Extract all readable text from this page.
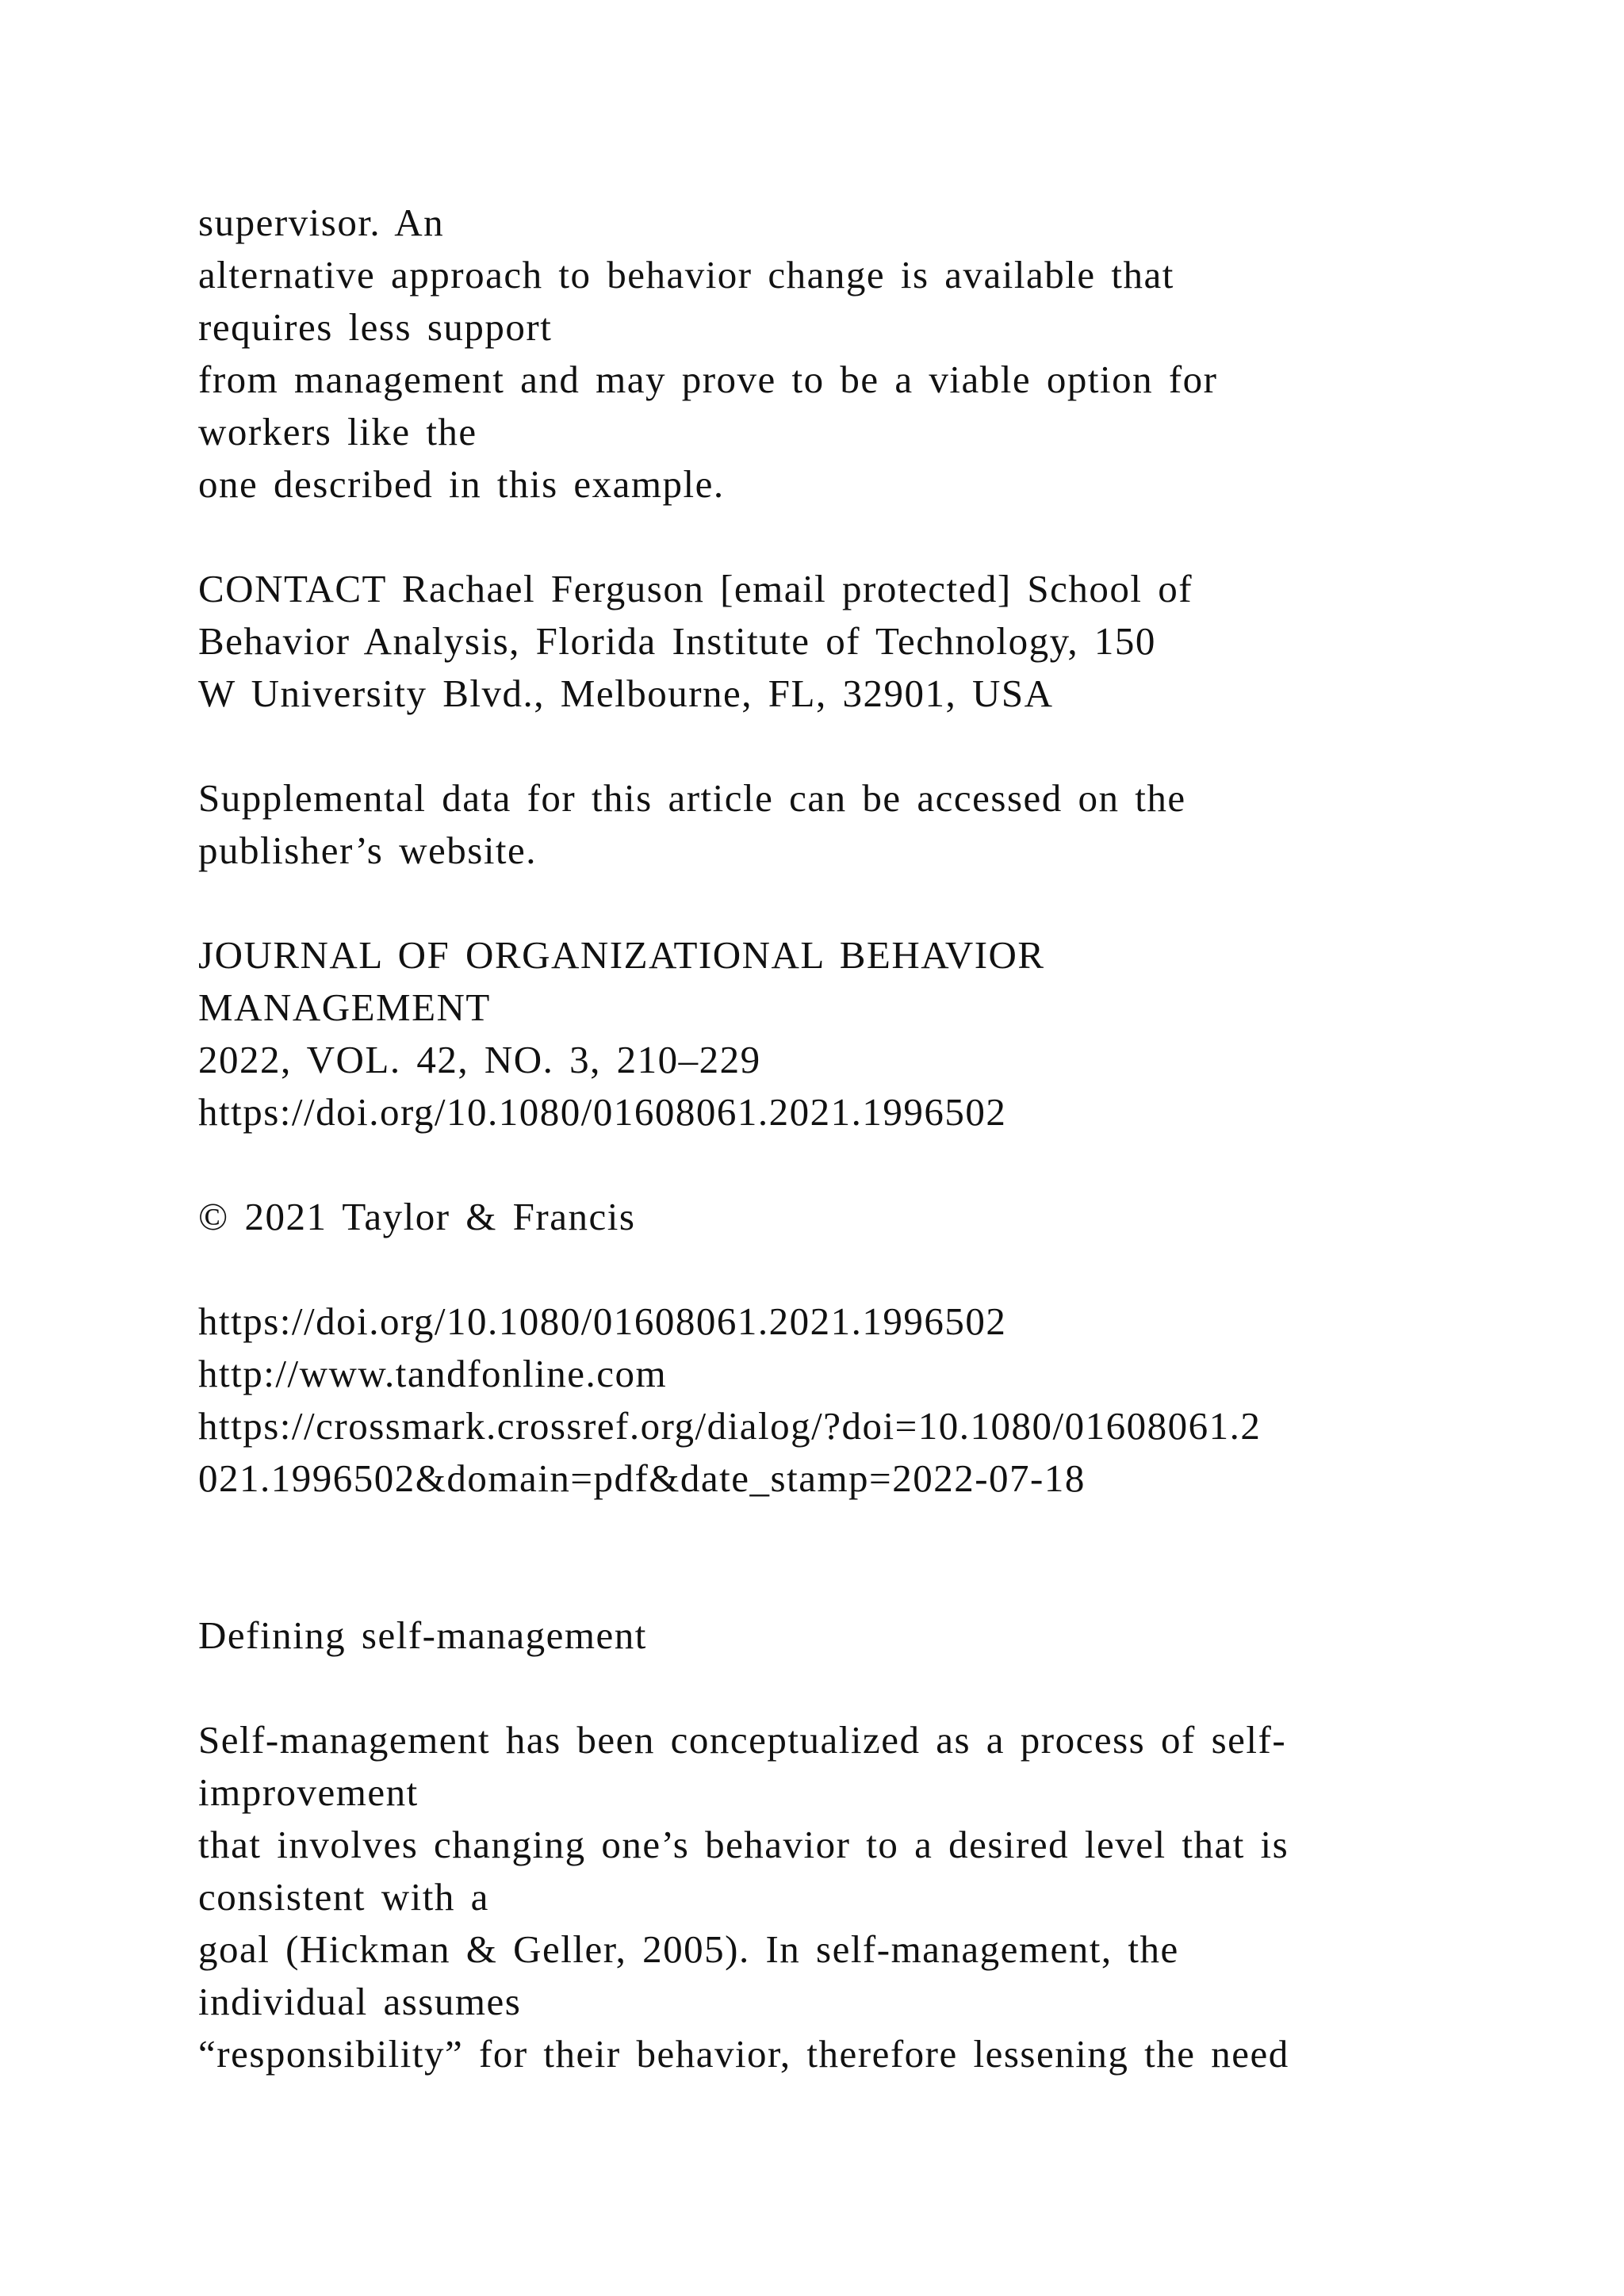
supervisor. An
alternative approach to behavior change is available that
requires less support
from management and may prove to be a viable option for
workers like the
one described in this example.
CONTACT Rachael Ferguson [email protected] School of
Behavior Analysis, Florida Institute of Technology, 150
W University Blvd., Melbourne, FL, 32901, USA
Supplemental data for this article can be accessed on the
publisher’s website.
JOURNAL OF ORGANIZATIONAL BEHAVIOR
MANAGEMENT
2022, VOL. 42, NO. 3, 210–229
https://doi.org/10.1080/01608061.2021.1996502
© 2021 Taylor & Francis
https://doi.org/10.1080/01608061.2021.1996502
http://www.tandfonline.com
https://crossmark.crossref.org/dialog/?doi=10.1080/01608061.2
021.1996502&domain=pdf&date_stamp=2022-07-18
Defining self-management
Self-management has been conceptualized as a process of self-
improvement
that involves changing one’s behavior to a desired level that is
consistent with a
goal (Hickman & Geller, 2005). In self-management, the
individual assumes
“responsibility” for their behavior, therefore lessening the need
